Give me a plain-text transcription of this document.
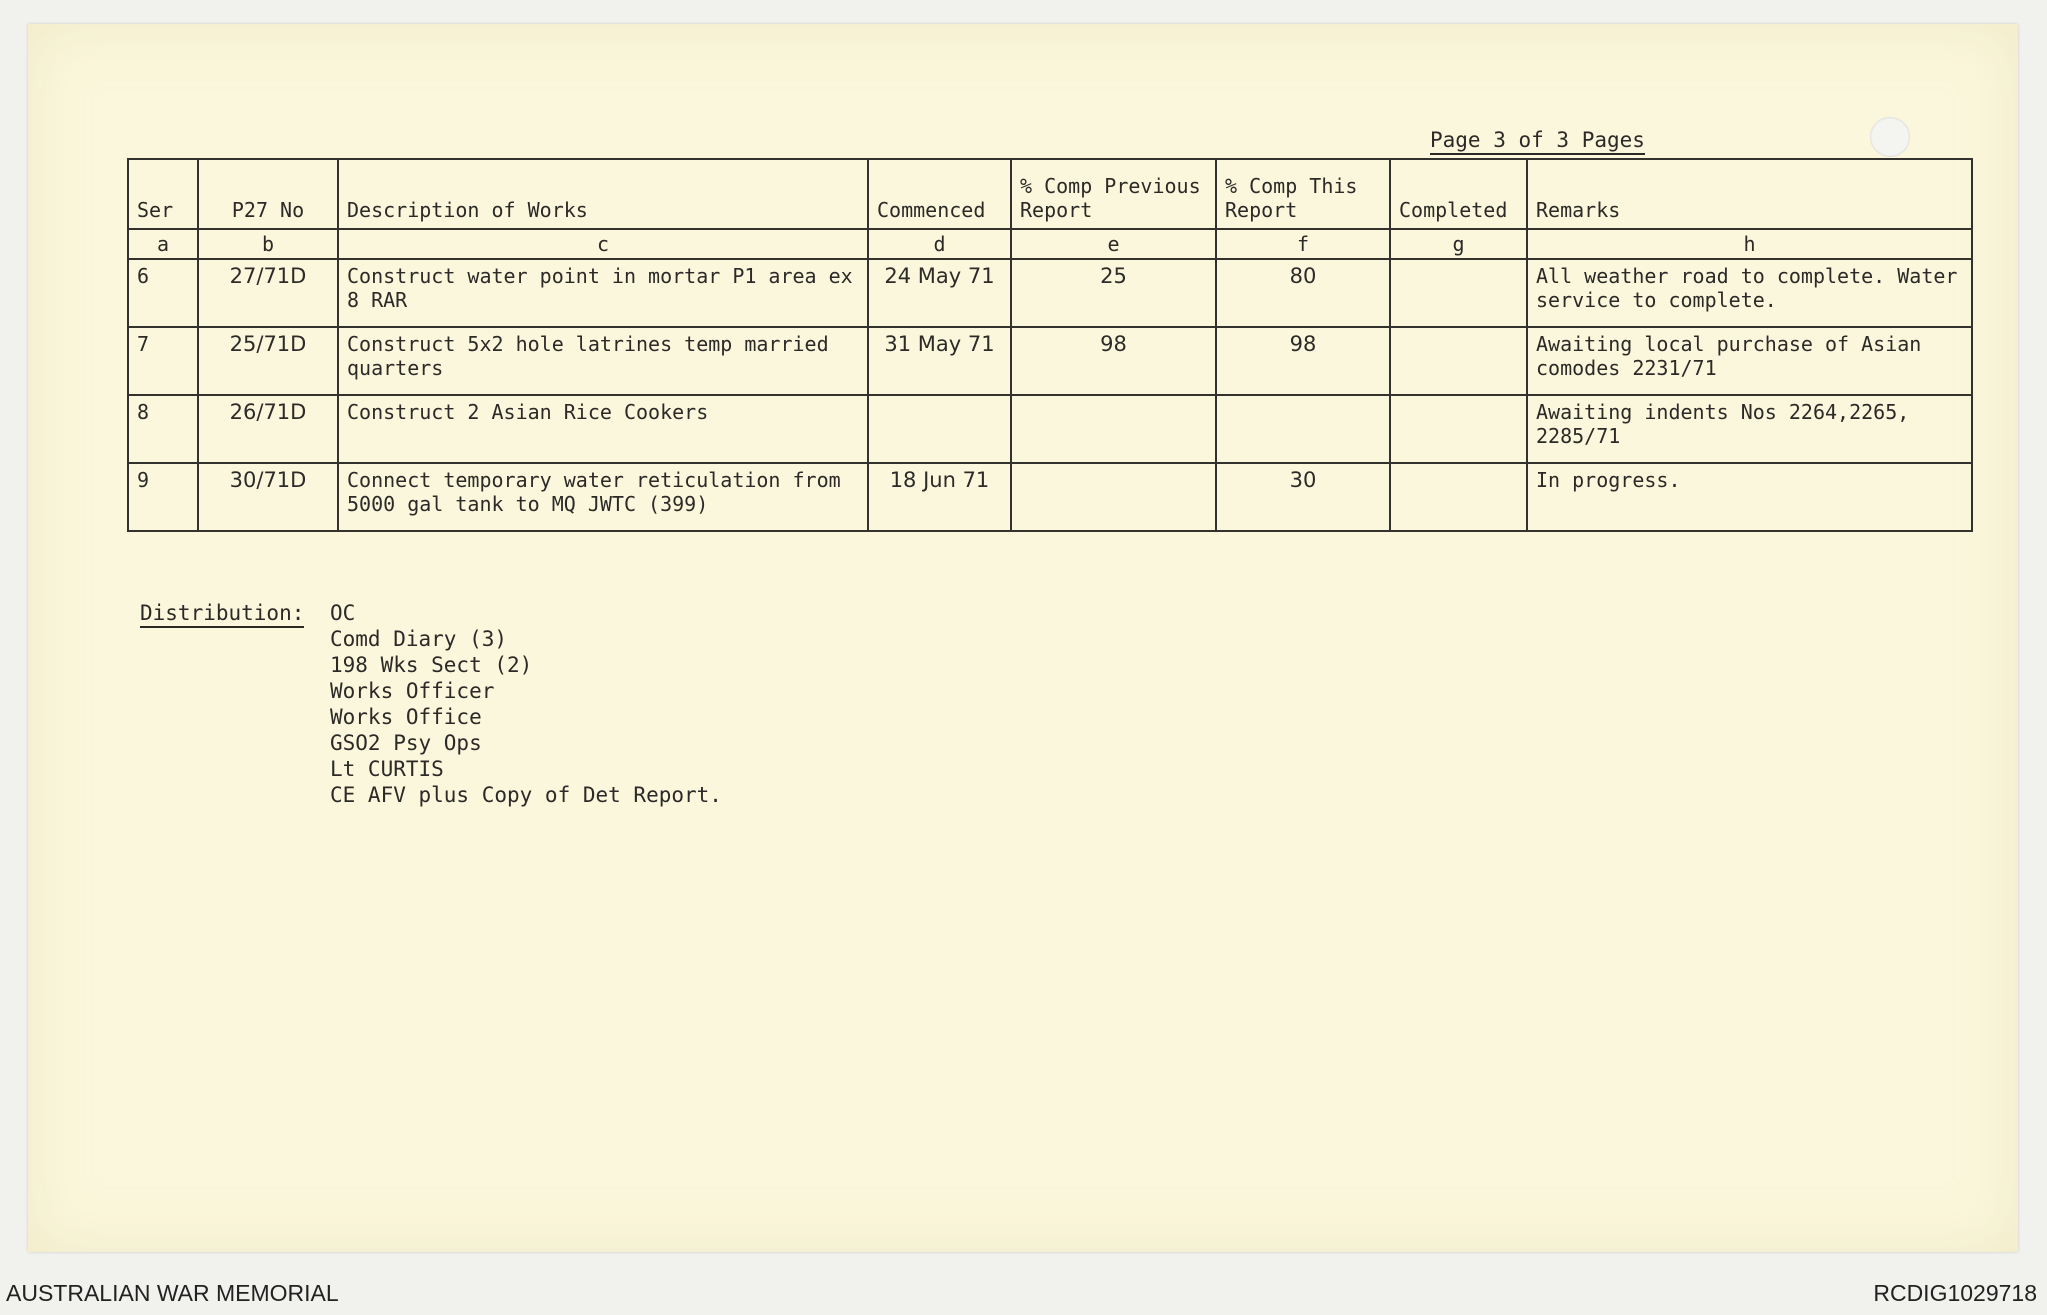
Page 3 of 3 Pages
Ser	P27 No	Description of Works	Commenced	% Comp Previous Report	% Comp This Report	Completed	Remarks
a	b	c	d	e	f	g	h
6	27/71D	Construct water point in mortar P1 area ex 8 RAR	24 May 71	25	80		All weather road to complete. Water service to complete.
7	25/71D	Construct 5x2 hole latrines temp married quarters	31 May 71	98	98		Awaiting local purchase of Asian comodes 2231/71
8	26/71D	Construct 2 Asian Rice Cookers					Awaiting indents Nos 2264,2265, 2285/71
9	30/71D	Connect temporary water reticulation from 5000 gal tank to MQ JWTC (399)	18 Jun 71		30		In progress.
Distribution: OC
Comd Diary (3)
198 Wks Sect (2)
Works Officer
Works Office
GSO2 Psy Ops
Lt CURTIS
CE AFV plus Copy of Det Report.
AUSTRALIAN WAR MEMORIAL	RCDIG1029718
